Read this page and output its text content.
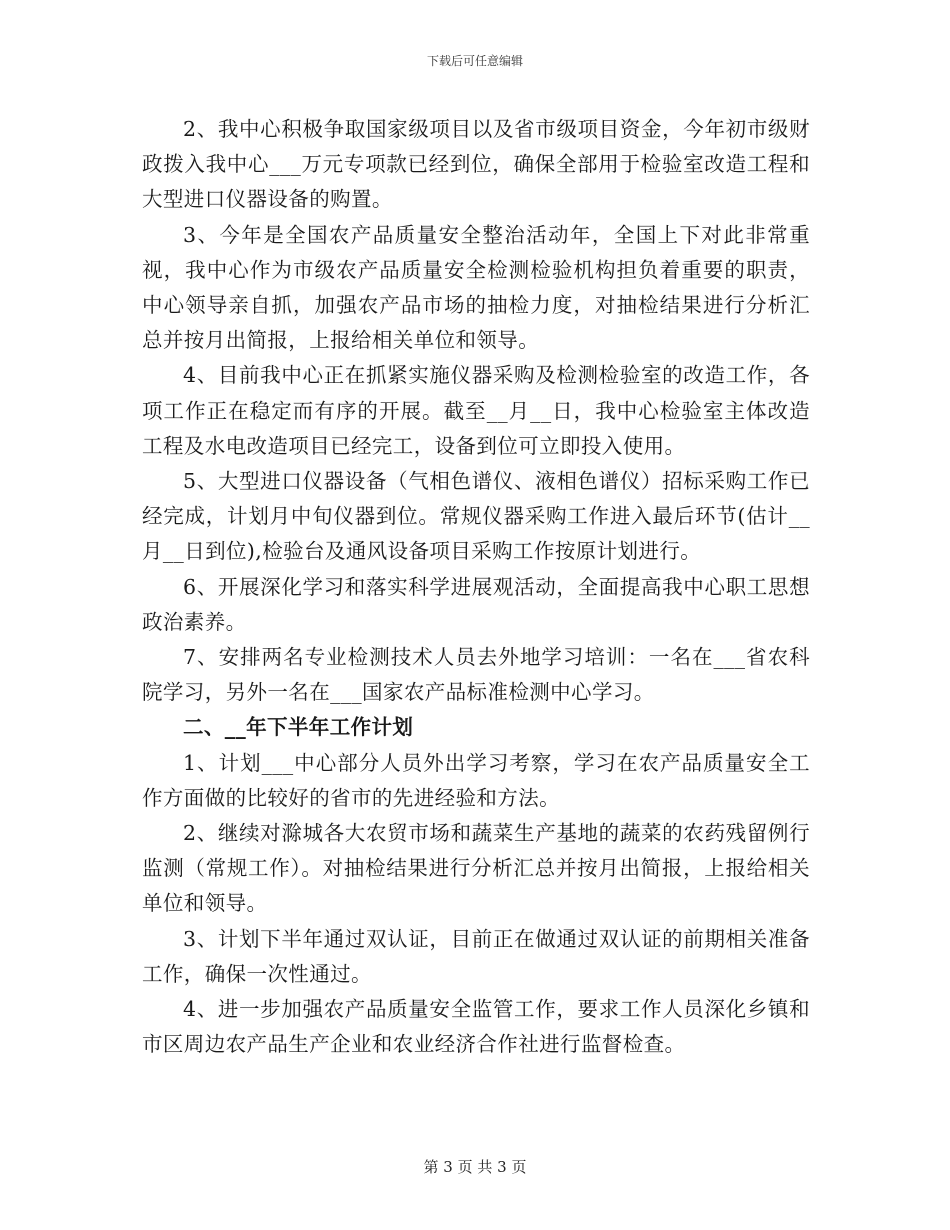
下载后可任意编辑

2、我中心积极争取国家级项目以及省市级项目资金，今年初市级财政拨入我中心___万元专项款已经到位，确保全部用于检验室改造工程和大型进口仪器设备的购置。

3、今年是全国农产品质量安全整治活动年，全国上下对此非常重视，我中心作为市级农产品质量安全检测检验机构担负着重要的职责，中心领导亲自抓，加强农产品市场的抽检力度，对抽检结果进行分析汇总并按月出简报，上报给相关单位和领导。

4、目前我中心正在抓紧实施仪器采购及检测检验室的改造工作，各项工作正在稳定而有序的开展。截至__月__日，我中心检验室主体改造工程及水电改造项目已经完工，设备到位可立即投入使用。

5、大型进口仪器设备（气相色谱仪、液相色谱仪）招标采购工作已经完成，计划月中旬仪器到位。常规仪器采购工作进入最后环节(估计__月__日到位),检验台及通风设备项目采购工作按原计划进行。

6、开展深化学习和落实科学进展观活动，全面提高我中心职工思想政治素养。

7、安排两名专业检测技术人员去外地学习培训：一名在___省农科院学习，另外一名在___国家农产品标准检测中心学习。

二、__年下半年工作计划

1、计划___中心部分人员外出学习考察，学习在农产品质量安全工作方面做的比较好的省市的先进经验和方法。

2、继续对滁城各大农贸市场和蔬菜生产基地的蔬菜的农药残留例行监测（常规工作）。对抽检结果进行分析汇总并按月出简报，上报给相关单位和领导。

3、计划下半年通过双认证，目前正在做通过双认证的前期相关准备工作，确保一次性通过。

4、进一步加强农产品质量安全监管工作，要求工作人员深化乡镇和市区周边农产品生产企业和农业经济合作社进行监督检查。

第 3 页 共 3 页
